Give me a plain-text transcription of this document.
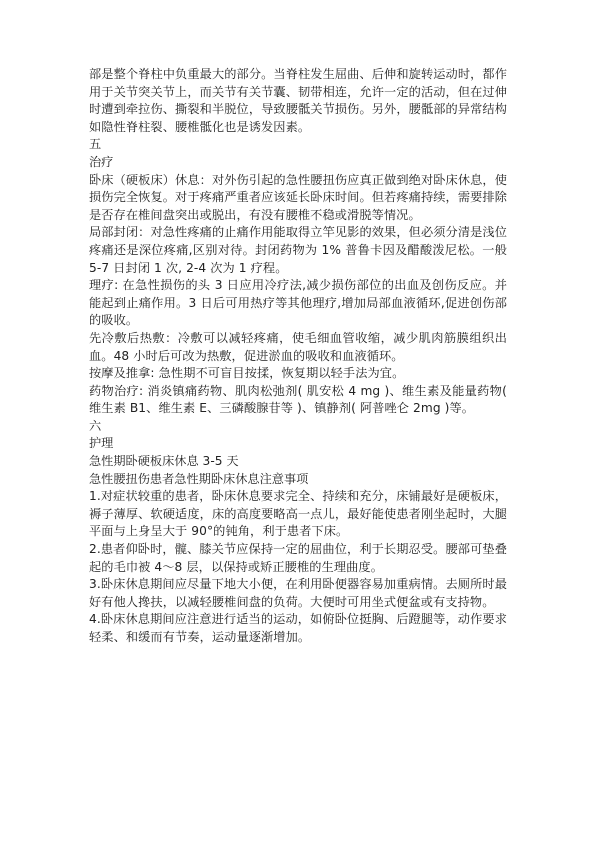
部是整个脊柱中负重最大的部分。当脊柱发生屈曲、后伸和旋转运动时，都作用于关节突关节上，而关节有关节囊、韧带相连，允许一定的活动，但在过伸时遭到牵拉伤、撕裂和半脱位，导致腰骶关节损伤。另外，腰骶部的异常结构如隐性脊柱裂、腰椎骶化也是诱发因素。

五

治疗

卧床（硬板床）休息：对外伤引起的急性腰扭伤应真正做到绝对卧床休息，使损伤完全恢复。对于疼痛严重者应该延长卧床时间。但若疼痛持续，需要排除是否存在椎间盘突出或脱出，有没有腰椎不稳或滑脱等情况。

局部封闭：对急性疼痛的止痛作用能取得立竿见影的效果，但必须分清是浅位疼痛还是深位疼痛,区别对待。封闭药物为 1% 普鲁卡因及醋酸泼尼松。一般 5-7 日封闭 1 次, 2-4 次为 1 疗程。

理疗: 在急性损伤的头 3 日应用冷疗法,减少损伤部位的出血及创伤反应。并能起到止痛作用。3 日后可用热疗等其他理疗,增加局部血液循环,促进创伤部的吸收。

先冷敷后热敷：冷敷可以减轻疼痛，使毛细血管收缩，减少肌肉筋膜组织出血。48 小时后可改为热敷，促进淤血的吸收和血液循环。

按摩及推拿: 急性期不可盲目按揉，恢复期以轻手法为宜。

药物治疗: 消炎镇痛药物、肌肉松弛剂( 肌安松 4 mg )、维生素及能量药物( 维生素 B1、维生素 E、三磷酸腺苷等 )、镇静剂( 阿普唑仑 2mg )等。

六

护理

急性期卧硬板床休息 3-5 天

急性腰扭伤患者急性期卧床休息注意事项

1.对症状较重的患者，卧床休息要求完全、持续和充分，床铺最好是硬板床，褥子薄厚、软硬适度，床的高度要略高一点儿，最好能使患者刚坐起时，大腿平面与上身呈大于 90°的钝角，利于患者下床。

2.患者仰卧时，髋、膝关节应保持一定的屈曲位，利于长期忍受。腰部可垫叠起的毛巾被 4～8 层，以保持或矫正腰椎的生理曲度。

3.卧床休息期间应尽量下地大小便，在利用卧便器容易加重病情。去厕所时最好有他人搀扶，以减轻腰椎间盘的负荷。大便时可用坐式便盆或有支持物。

4.卧床休息期间应注意进行适当的运动，如俯卧位挺胸、后蹬腿等，动作要求轻柔、和缓而有节奏，运动量逐渐增加。
